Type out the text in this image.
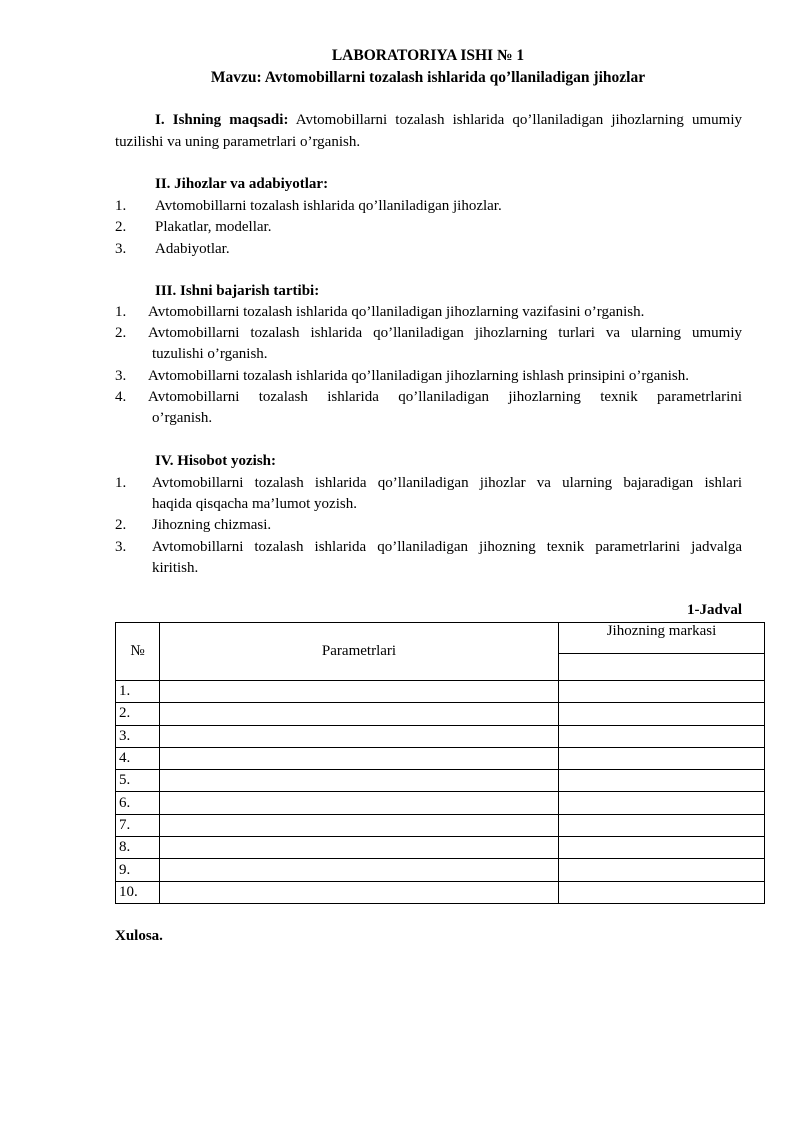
LABORATORIYA ISHI № 1
Mavzu: Avtomobillarni tozalash ishlarida qo’llaniladigan jihozlar
I. Ishning maqsadi: Avtomobillarni tozalash ishlarida qo’llaniladigan jihozlarning umumiy
tuzilishi va uning parametrlari o’rganish.
II. Jihozlar va adabiyotlar:
1. Avtomobillarni tozalash ishlarida qo’llaniladigan jihozlar.
2. Plakatlar, modellar.
3. Adabiyotlar.
III. Ishni bajarish tartibi:
1. Avtomobillarni tozalash ishlarida qo’llaniladigan jihozlarning vazifasini o’rganish.
2. Avtomobillarni tozalash ishlarida qo’llaniladigan jihozlarning turlari va ularning umumiy
tuzulishi o’rganish.
3. Avtomobillarni tozalash ishlarida qo’llaniladigan jihozlarning ishlash prinsipini o’rganish.
4. Avtomobillarni tozalash ishlarida qo’llaniladigan jihozlarning texnik parametrlarini
o’rganish.
IV. Hisobot yozish:
1. Avtomobillarni tozalash ishlarida qo’llaniladigan jihozlar va ularning bajaradigan ishlari
haqida qisqacha ma’lumot yozish.
2. Jihozning chizmasi.
3. Avtomobillarni tozalash ishlarida qo’llaniladigan jihozning texnik parametrlarini jadvalga
kiritish.
1-Jadval
№	Parametrlari	Jihozning markasi

1.		
2.		
3.		
4.		
5.		
6.		
7.		
8.		
9.		
10.		
Xulosa.
